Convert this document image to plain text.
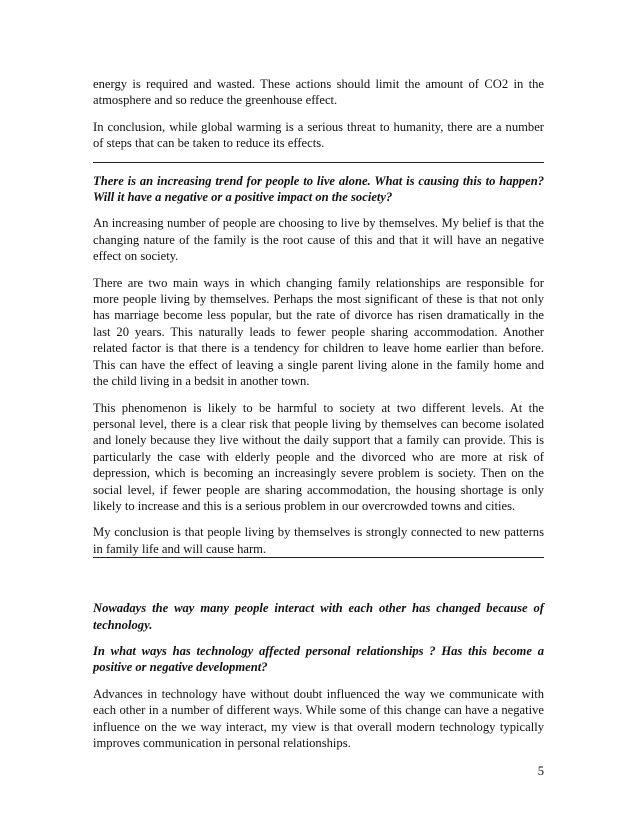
energy is required and wasted. These actions should limit the amount of CO2 in the atmosphere and so reduce the greenhouse effect.

In conclusion, while global warming is a serious threat to humanity, there are a number of steps that can be taken to reduce its effects.

There is an increasing trend for people to live alone. What is causing this to happen? Will it have a negative or a positive impact on the society?

An increasing number of people are choosing to live by themselves. My belief is that the changing nature of the family is the root cause of this and that it will have an negative effect on society.

There are two main ways in which changing family relationships are responsible for more people living by themselves. Perhaps the most significant of these is that not only has marriage become less popular, but the rate of divorce has risen dramatically in the last 20 years. This naturally leads to fewer people sharing accommodation. Another related factor is that there is a tendency for children to leave home earlier than before. This can have the effect of leaving a single parent living alone in the family home and the child living in a bedsit in another town.

This phenomenon is likely to be harmful to society at two different levels. At the personal level, there is a clear risk that people living by themselves can become isolated and lonely because they live without the daily support that a family can provide. This is particularly the case with elderly people and the divorced who are more at risk of depression, which is becoming an increasingly severe problem is society. Then on the social level, if fewer people are sharing accommodation, the housing shortage is only likely to increase and this is a serious problem in our overcrowded towns and cities.

My conclusion is that people living by themselves is strongly connected to new patterns in family life and will cause harm.

Nowadays the way many people interact with each other has changed because of technology.

In what ways has technology affected personal relationships ? Has this become a positive or negative development?

Advances in technology have without doubt influenced the way we communicate with each other in a number of different ways. While some of this change can have a negative influence on the we way interact, my view is that overall modern technology typically improves communication in personal relationships.

5
